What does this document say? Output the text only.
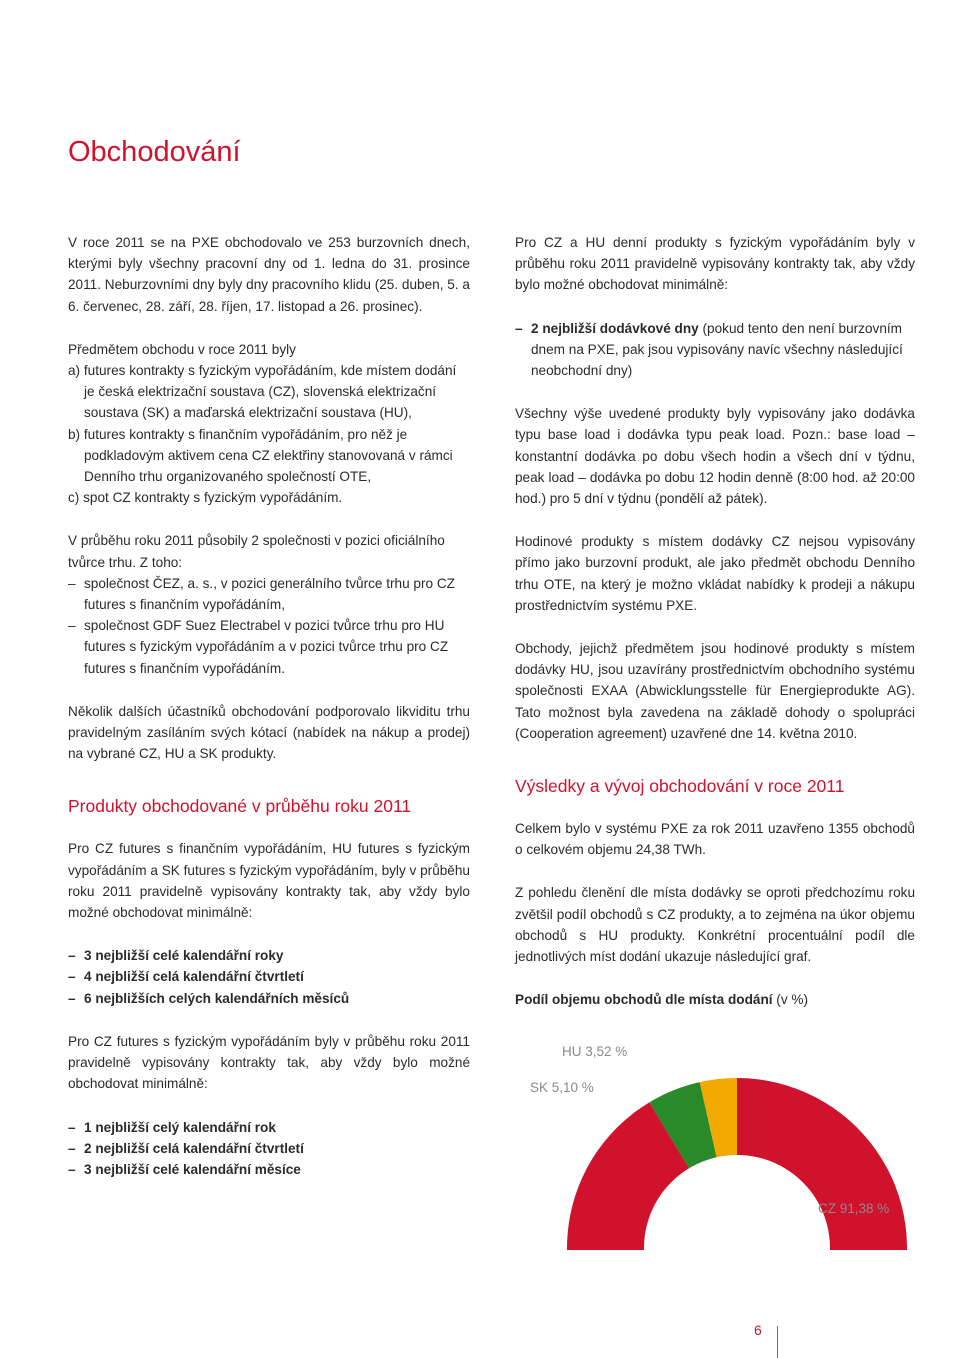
Obchodování

V roce 2011 se na PXE obchodovalo ve 253 burzovních dnech, kterými byly všechny pracovní dny od 1. ledna do 31. prosince 2011. Neburzovními dny byly dny pracovního klidu (25. duben, 5. a 6. červenec, 28. září, 28. říjen, 17. listopad a 26. prosinec).

Předmětem obchodu v roce 2011 byly

a) futures kontrakty s fyzickým vypořádáním, kde místem dodání

je česká elektrizační soustava (CZ), slovenská elektrizační soustava (SK) a maďarská elektrizační soustava (HU),

b) futures kontrakty s finančním vypořádáním, pro něž je

podkladovým aktivem cena CZ elektřiny stanovovaná v rámci Denního trhu organizovaného společností OTE,

c) spot CZ kontrakty s fyzickým vypořádáním.

V průběhu roku 2011 působily 2 společnosti v pozici oficiálního tvůrce trhu. Z toho:

– společnost ČEZ, a. s., v pozici generálního tvůrce trhu pro CZ futures s finančním vypořádáním,
– společnost GDF Suez Electrabel v pozici tvůrce trhu pro HU futures s fyzickým vypořádáním a v pozici tvůrce trhu pro CZ futures s finančním vypořádáním.

Několik dalších účastníků obchodování podporovalo likviditu trhu pravidelným zasíláním svých kótací (nabídek na nákup a prodej) na vybrané CZ, HU a SK produkty.

Produkty obchodované v průběhu roku 2011

Pro CZ futures s finančním vypořádáním, HU futures s fyzickým vypořádáním a SK futures s fyzickým vypořádáním, byly v průběhu roku 2011 pravidelně vypisovány kontrakty tak, aby vždy bylo možné obchodovat minimálně:

– 3 nejbližší celé kalendářní roky
– 4 nejbližší celá kalendářní čtvrtletí
– 6 nejbližších celých kalendářních měsíců

Pro CZ futures s fyzickým vypořádáním byly v průběhu roku 2011 pravidelně vypisovány kontrakty tak, aby vždy bylo možné obchodovat minimálně:

– 1 nejbližší celý kalendářní rok
– 2 nejbližší celá kalendářní čtvrtletí
– 3 nejbližší celé kalendářní měsíce

Pro CZ a HU denní produkty s fyzickým vypořádáním byly v průběhu roku 2011 pravidelně vypisovány kontrakty tak, aby vždy bylo možné obchodovat minimálně:

– 2 nejbližší dodávkové dny (pokud tento den není burzovním dnem na PXE, pak jsou vypisovány navíc všechny následující neobchodní dny)

Všechny výše uvedené produkty byly vypisovány jako dodávka typu base load i dodávka typu peak load. Pozn.: base load – konstantní dodávka po dobu všech hodin a všech dní v týdnu, peak load – dodávka po dobu 12 hodin denně (8:00 hod. až 20:00 hod.) pro 5 dní v týdnu (pondělí až pátek).

Hodinové produkty s místem dodávky CZ nejsou vypisovány přímo jako burzovní produkt, ale jako předmět obchodu Denního trhu OTE, na který je možno vkládat nabídky k prodeji a nákupu prostřednictvím systému PXE.

Obchody, jejichž předmětem jsou hodinové produkty s místem dodávky HU, jsou uzavírány prostřednictvím obchodního systému společnosti EXAA (Abwicklungsstelle für Energieprodukte AG). Tato možnost byla zavedena na základě dohody o spolupráci (Cooperation agreement) uzavřené dne 14. května 2010.

Výsledky a vývoj obchodování v roce 2011

Celkem bylo v systému PXE za rok 2011 uzavřeno 1355 obchodů o celkovém objemu 24,38 TWh.

Z pohledu členění dle místa dodávky se oproti předchozímu roku zvětšil podíl obchodů s CZ produkty, a to zejména na úkor objemu obchodů s HU produkty. Konkrétní procentuální podíl dle jednotlivých míst dodání ukazuje následující graf.

Podíl objemu obchodů dle místa dodání (v %)

HU 3,52 %
SK 5,10 %
CZ 91,38 %
6
